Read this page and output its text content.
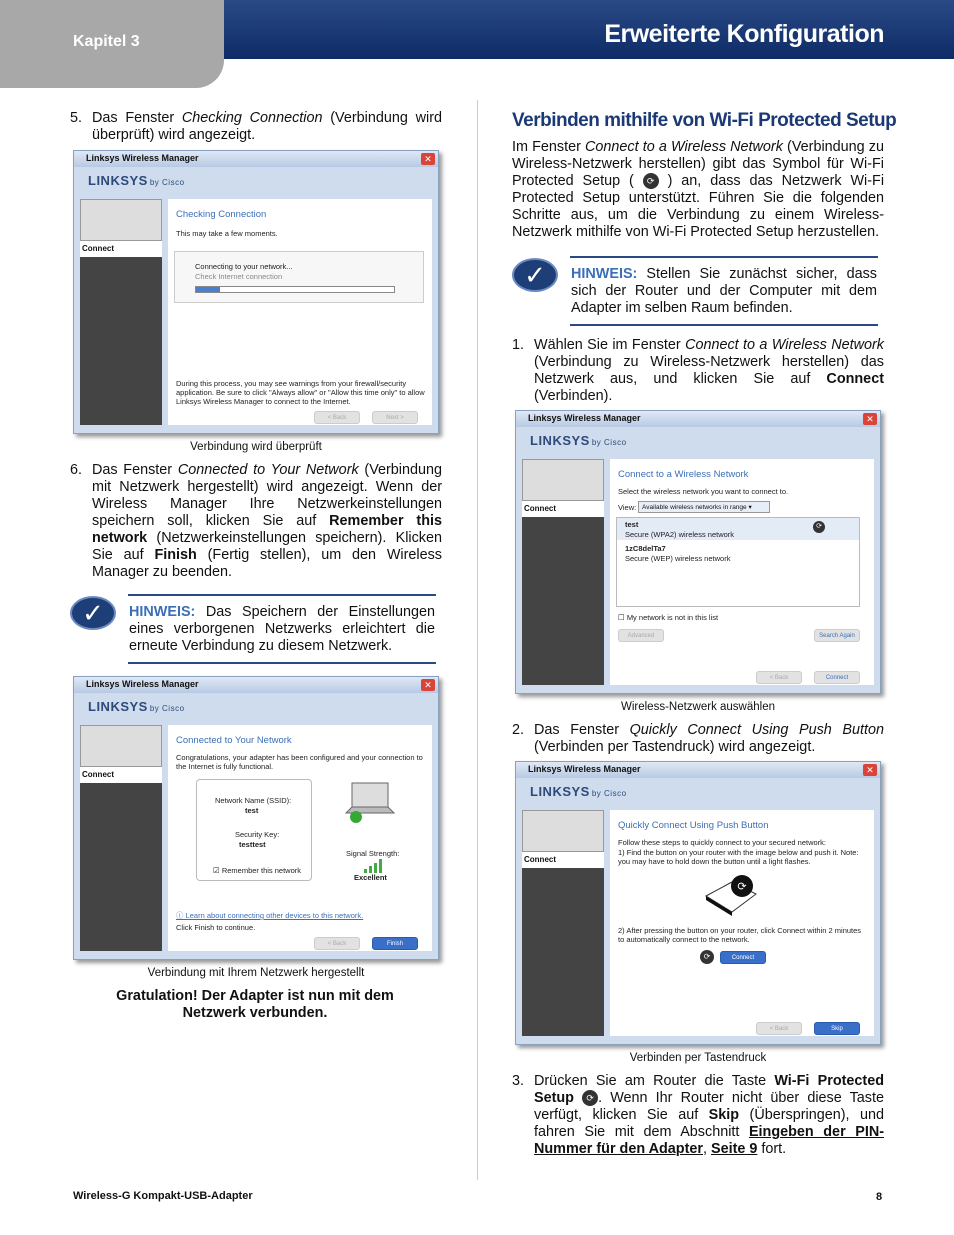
Kapitel 3	Erweiterte Konfiguration
5. Das Fenster Checking Connection (Verbindung wird überprüft) wird angezeigt.
Linksys Wireless Manager	✕
LINKSYS by Cisco
Connect
Checking Connection
This may take a few moments.
Connecting to your network...
Check Internet connection
During this process, you may see warnings from your firewall/security application. Be sure to click "Always allow" or "Allow this time only" to allow Linksys Wireless Manager to connect to the Internet.
< Back	Next >
Verbindung wird überprüft
6. Das Fenster Connected to Your Network (Verbindung mit Netzwerk hergestellt) wird angezeigt. Wenn der Wireless Manager Ihre Netzwerkeinstellungen speichern soll, klicken Sie auf Remember this network (Netzwerkeinstellungen speichern). Klicken Sie auf Finish (Fertig stellen), um den Wireless Manager zu beenden.
✓	HINWEIS: Das Speichern der Einstellungen eines verborgenen Netzwerks erleichtert die erneute Verbindung zu diesem Netzwerk.
Linksys Wireless Manager	✕
LINKSYS by Cisco
Connect
Connected to Your Network
Congratulations, your adapter has been configured and your connection to the Internet is fully functional.
Network Name (SSID):
test
Security Key:
testtest
☑ Remember this network
Signal Strength:
Excellent
ⓘ Learn about connecting other devices to this network.
Click Finish to continue.
< Back	Finish
Verbindung mit Ihrem Netzwerk hergestellt
Gratulation! Der Adapter ist nun mit dem Netzwerk verbunden.
Verbinden mithilfe von Wi-Fi Protected Setup
Im Fenster Connect to a Wireless Network (Verbindung zu Wireless-Netzwerk herstellen) gibt das Symbol für Wi-Fi Protected Setup ( ⟳ ) an, dass das Netzwerk Wi-Fi Protected Setup unterstützt. Führen Sie die folgenden Schritte aus, um die Verbindung zu einem Wireless-Netzwerk mithilfe von Wi-Fi Protected Setup herzustellen.
✓	HINWEIS: Stellen Sie zunächst sicher, dass sich der Router und der Computer mit dem Adapter im selben Raum befinden.
1. Wählen Sie im Fenster Connect to a Wireless Network (Verbindung zu Wireless-Netzwerk herstellen) das Netzwerk aus, und klicken Sie auf Connect (Verbinden).
Linksys Wireless Manager	✕
LINKSYS by Cisco
Connect
Connect to a Wireless Network
Select the wireless network you want to connect to.
View: Available wireless networks in range ▾
test
Secure (WPA2) wireless network
⟳
1zC8delTa7
Secure (WEP) wireless network
☐ My network is not in this list
Advanced	Search Again
< Back	Connect
Wireless-Netzwerk auswählen
2. Das Fenster Quickly Connect Using Push Button (Verbinden per Tastendruck) wird angezeigt.
Linksys Wireless Manager	✕
LINKSYS by Cisco
Connect
Quickly Connect Using Push Button
Follow these steps to quickly connect to your secured network:
1) Find the button on your router with the image below and push it. Note: you may have to hold down the button until a light flashes.
⟳
2) After pressing the button on your router, click Connect within 2 minutes to automatically connect to the network.
⟳	Connect
< Back	Skip
Verbinden per Tastendruck
3. Drücken Sie am Router die Taste Wi-Fi Protected Setup ⟳ . Wenn Ihr Router nicht über diese Taste verfügt, klicken Sie auf Skip (Überspringen), und fahren Sie mit dem Abschnitt Eingeben der PIN-Nummer für den Adapter, Seite 9 fort.
Wireless-G Kompakt-USB-Adapter	8
